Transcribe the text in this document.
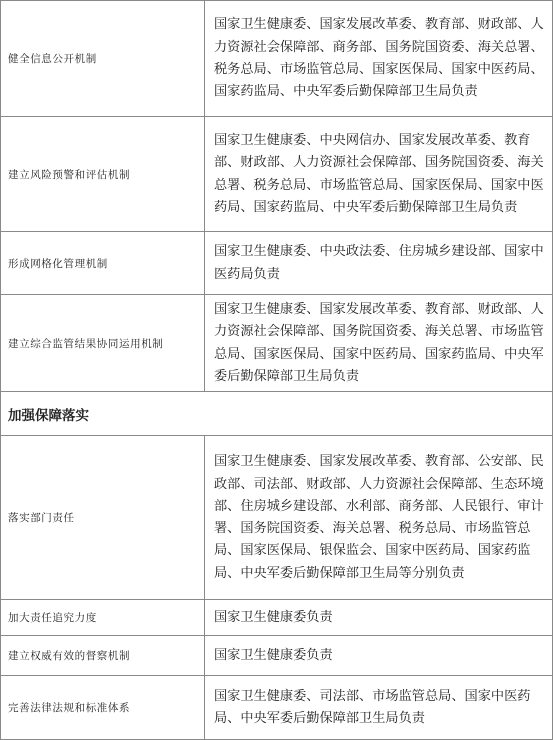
健全信息公开机制	国家卫生健康委、国家发展改革委、教育部、财政部、人力资源社会保障部、商务部、国务院国资委、海关总署、税务总局、市场监管总局、国家医保局、国家中医药局、国家药监局、中央军委后勤保障部卫生局负责
建立风险预警和评估机制	国家卫生健康委、中央网信办、国家发展改革委、教育部、财政部、人力资源社会保障部、国务院国资委、海关总署、税务总局、市场监管总局、国家医保局、国家中医药局、国家药监局、中央军委后勤保障部卫生局负责
形成网格化管理机制	国家卫生健康委、中央政法委、住房城乡建设部、国家中医药局负责
建立综合监管结果协同运用机制	国家卫生健康委、国家发展改革委、教育部、财政部、人力资源社会保障部、国务院国资委、海关总署、市场监管总局、国家医保局、国家中医药局、国家药监局、中央军委后勤保障部卫生局负责
加强保障落实	
落实部门责任	国家卫生健康委、国家发展改革委、教育部、公安部、民政部、司法部、财政部、人力资源社会保障部、生态环境部、住房城乡建设部、水利部、商务部、人民银行、审计署、国务院国资委、海关总署、税务总局、市场监管总局、国家医保局、银保监会、国家中医药局、国家药监局、中央军委后勤保障部卫生局等分别负责
加大责任追究力度	国家卫生健康委负责
建立权威有效的督察机制	国家卫生健康委负责
完善法律法规和标准体系	国家卫生健康委、司法部、市场监管总局、国家中医药局、中央军委后勤保障部卫生局负责
